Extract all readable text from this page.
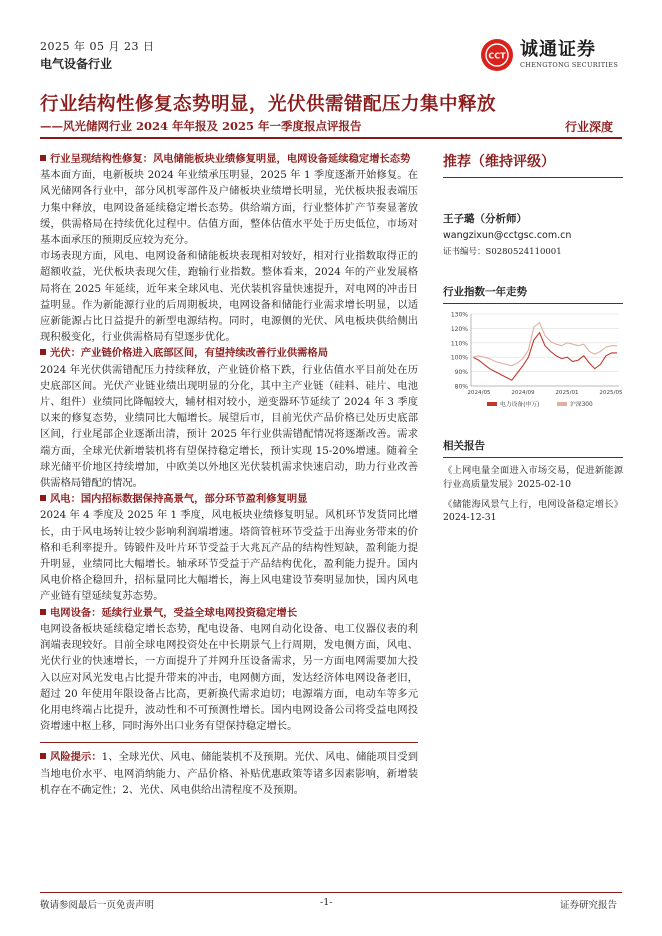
2025 年 05 月 23 日
电气设备行业
CCT 诚通证券
CHENGTONG SECURITIES
行业结构性修复态势明显，光伏供需错配压力集中释放
——风光储网行业 2024 年年报及 2025 年一季度报点评报告	行业深度
行业呈现结构性修复：风电储能板块业绩修复明显，电网设备延续稳定增长态势

基本面方面，电新板块 2024 年业绩承压明显，2025 年 1 季度逐渐开始修复。在风光储网各行业中，部分风机零部件及户储板块业绩增长明显，光伏板块报表端压力集中释放，电网设备延续稳定增长态势。供给端方面，行业整体扩产节奏显著放缓，供需格局在持续优化过程中。估值方面，整体估值水平处于历史低位，市场对基本面承压的预期反应较为充分。

市场表现方面，风电、电网设备和储能板块表现相对较好，相对行业指数取得正的超额收益，光伏板块表现欠佳，跑输行业指数。整体看来，2024 年的产业发展格局将在 2025 年延续，近年来全球风电、光伏装机容量快速提升，对电网的冲击日益明显。作为新能源行业的后周期板块，电网设备和储能行业需求增长明显，以适应新能源占比日益提升的新型电源结构。同时，电源侧的光伏、风电板块供给侧出现积极变化，行业供需格局有望逐步优化。

光伏：产业链价格进入底部区间，有望持续改善行业供需格局

2024 年光伏供需错配压力持续释放，产业链价格下跌，行业估值水平目前处在历史底部区间。光伏产业链业绩出现明显的分化，其中主产业链（硅料、硅片、电池片、组件）业绩同比降幅较大，辅材相对较小，逆变器环节延续了 2024 年 3 季度以来的修复态势，业绩同比大幅增长。展望后市，目前光伏产品价格已处历史底部区间，行业尾部企业逐渐出清，预计 2025 年行业供需错配情况将逐渐改善。需求端方面，全球光伏新增装机将有望保持稳定增长，预计实现 15-20%增速。随着全球光储平价地区持续增加，中欧美以外地区光伏装机需求快速启动，助力行业改善供需格局错配的情况。

风电：国内招标数据保持高景气，部分环节盈利修复明显

2024 年 4 季度及 2025 年 1 季度，风电板块业绩修复明显。风机环节发货同比增长，由于风电场转让较少影响利润端增速。塔筒管桩环节受益于出海业务带来的价格和毛利率提升。铸锻件及叶片环节受益于大兆瓦产品的结构性短缺，盈利能力提升明显，业绩同比大幅增长。轴承环节受益于产品结构优化，盈利能力提升。国内风电价格企稳回升，招标量同比大幅增长，海上风电建设节奏明显加快，国内风电产业链有望延续复苏态势。

电网设备：延续行业景气，受益全球电网投资稳定增长

电网设备板块延续稳定增长态势，配电设备、电网自动化设备、电工仪器仪表的利润端表现较好。目前全球电网投资处在中长期景气上行周期，发电侧方面，风电、光伏行业的快速增长，一方面提升了并网升压设备需求，另一方面电网需要加大投入以应对风光发电占比提升带来的冲击，电网侧方面，发达经济体电网设备老旧，超过 20 年使用年限设备占比高，更新换代需求迫切；电源端方面，电动车等多元化用电终端占比提升，波动性和不可预测性增长。国内电网设备公司将受益电网投资增速中枢上移，同时海外出口业务有望保持稳定增长。

风险提示：1、全球光伏、风电、储能装机不及预期。光伏、风电、储能项目受到当地电价水平、电网消纳能力、产品价格、补贴优惠政策等诸多因素影响，新增装机存在不确定性；2、光伏、风电供给出清程度不及预期。

推荐（维持评级）
王子璐（分析师）
wangzixun@cctgsc.com.cn
证书编号：S0280524110001
行业指数一年走势
130%
120%
110%
100%
90%
80%
2024/05	2024/09	2025/01	2025/05
电力设备(申万)	沪深300
相关报告
《上网电量全面进入市场交易，促进新能源行业高质量发展》2025-02-10
《储能海风景气上行，电网设备稳定增长》2024-12-31
敬请参阅最后一页免责声明	-1-	证券研究报告
